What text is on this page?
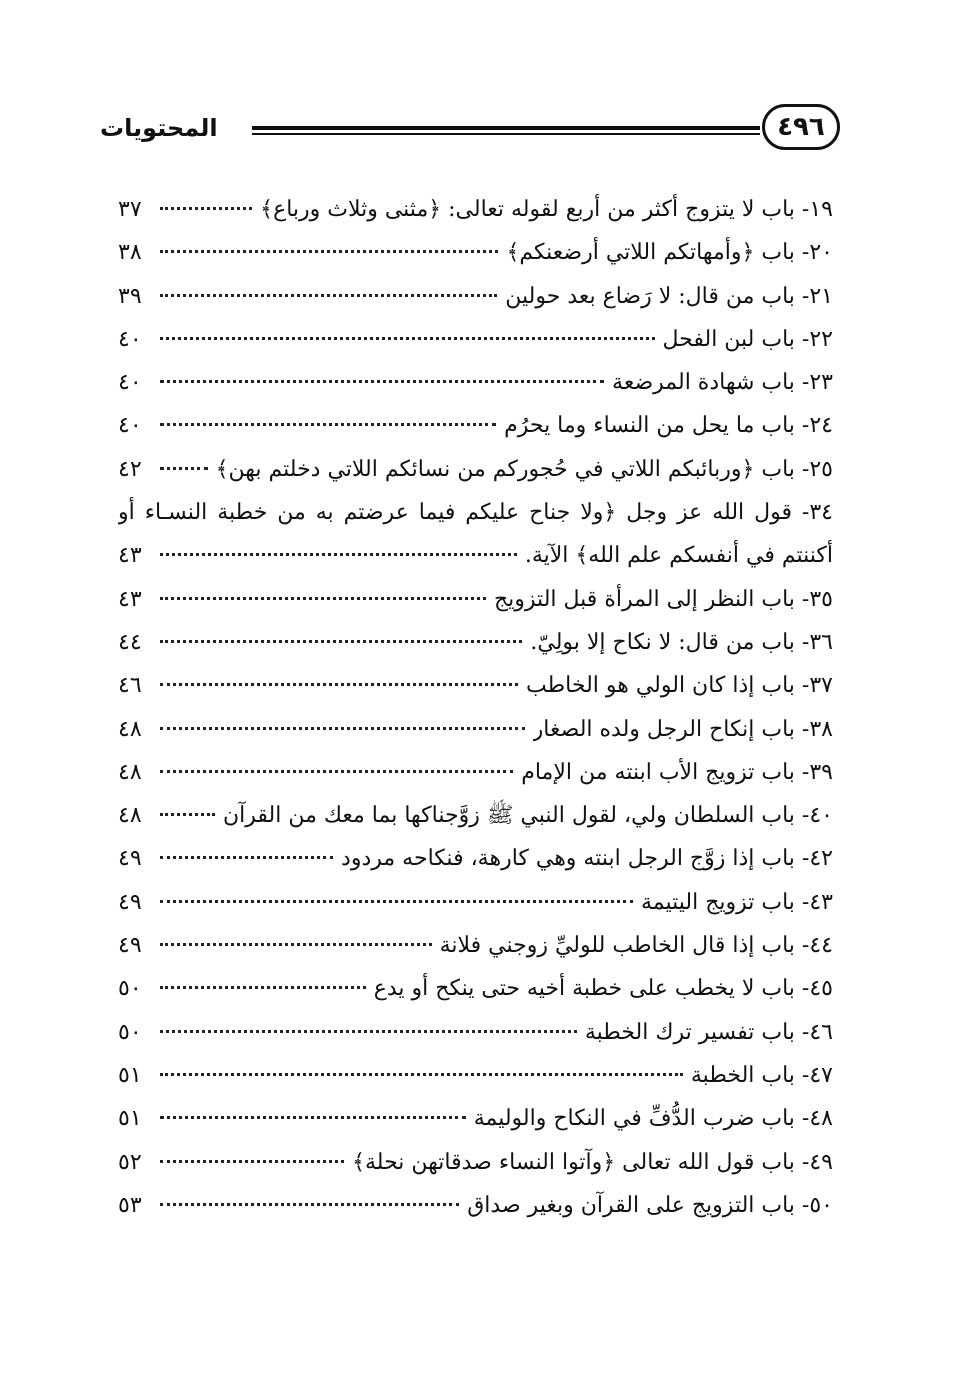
المحتويات	٤٩٦
١٩- باب لا يتزوج أكثر من أربع لقوله تعالى: ﴿مثنى وثلاث ورباع﴾
٣٧
٢٠- باب ﴿وأمهاتكم اللاتي أرضعنكم﴾
٣٨
٢١- باب من قال: لا رَضاع بعد حولين
٣٩
٢٢- باب لبن الفحل
٤٠
٢٣- باب شهادة المرضعة
٤٠
٢٤- باب ما يحل من النساء وما يحرُم
٤٠
٢٥- باب ﴿وربائبكم اللاتي في حُجوركم من نسائكم اللاتي دخلتم بهن﴾
٤٢
٣٤- قول الله عز وجل ﴿ولا جناح عليكم فيما عرضتم به من خطبة النسـاء أو
أكننتم في أنفسكم علم الله﴾ الآية.
٤٣
٣٥- باب النظر إلى المرأة قبل التزويج
٤٣
٣٦- باب من قال: لا نكاح إلا بولِيّ.
٤٤
٣٧- باب إذا كان الولي هو الخاطب
٤٦
٣٨- باب إنكاح الرجل ولده الصغار
٤٨
٣٩- باب تزويج الأب ابنته من الإمام
٤٨
٤٠- باب السلطان ولي، لقول النبي ﷺ زوَّجناكها بما معك من القرآن
٤٨
٤٢- باب إذا زوَّج الرجل ابنته وهي كارهة، فنكاحه مردود
٤٩
٤٣- باب تزويج اليتيمة
٤٩
٤٤- باب إذا قال الخاطب للوليِّ زوجني فلانة
٤٩
٤٥- باب لا يخطب على خطبة أخيه حتى ينكح أو يدع
٥٠
٤٦- باب تفسير ترك الخطبة
٥٠
٤٧- باب الخطبة
٥١
٤٨- باب ضرب الدُّفِّ في النكاح والوليمة
٥١
٤٩- باب قول الله تعالى ﴿وآتوا النساء صدقاتهن نحلة﴾
٥٢
٥٠- باب التزويج على القرآن وبغير صداق
٥٣
